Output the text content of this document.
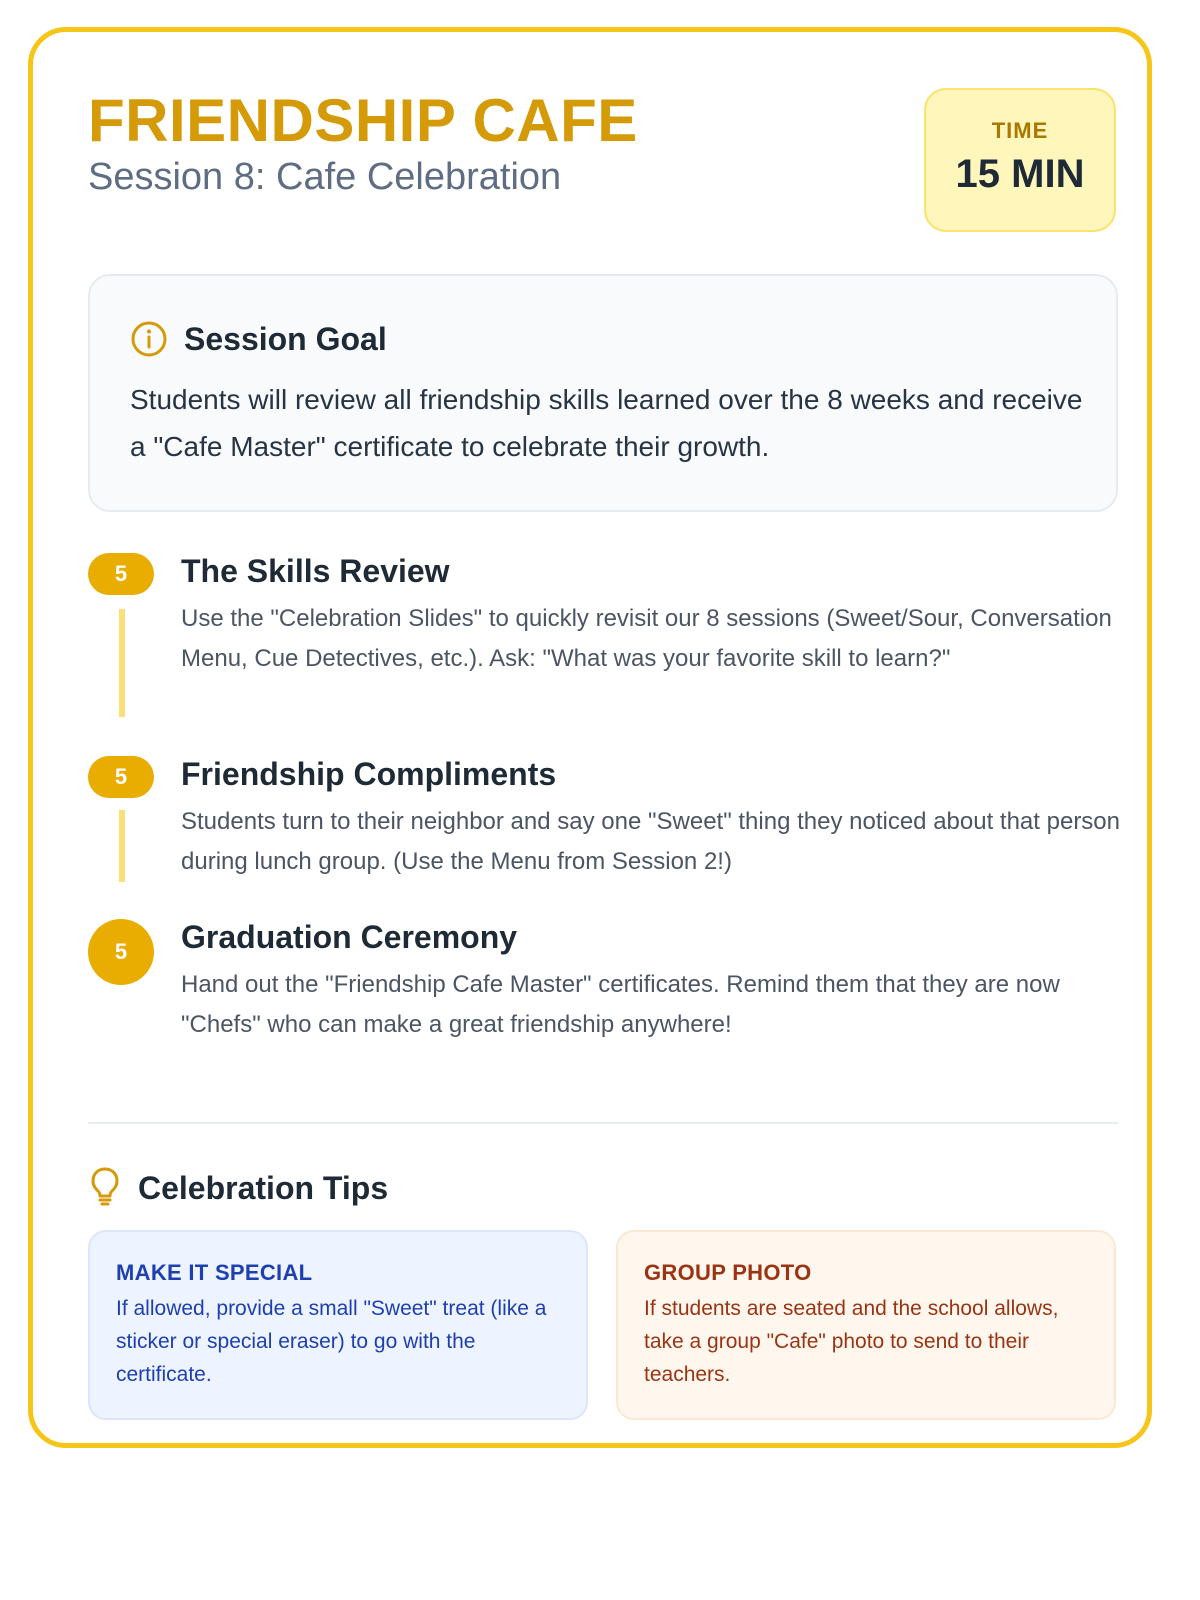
FRIENDSHIP CAFE
Session 8: Cafe Celebration
TIME
15 MIN
Session Goal
Students will review all friendship skills learned over the 8 weeks and receive a "Cafe Master" certificate to celebrate their growth.
5	The Skills Review
Use the "Celebration Slides" to quickly revisit our 8 sessions (Sweet/Sour, Conversation Menu, Cue Detectives, etc.). Ask: "What was your favorite skill to learn?"
5	Friendship Compliments
Students turn to their neighbor and say one "Sweet" thing they noticed about that person during lunch group. (Use the Menu from Session 2!)
5	Graduation Ceremony
Hand out the "Friendship Cafe Master" certificates. Remind them that they are now "Chefs" who can make a great friendship anywhere!
Celebration Tips
MAKE IT SPECIAL
If allowed, provide a small "Sweet" treat (like a sticker or special eraser) to go with the certificate.
GROUP PHOTO
If students are seated and the school allows, take a group "Cafe" photo to send to their teachers.
